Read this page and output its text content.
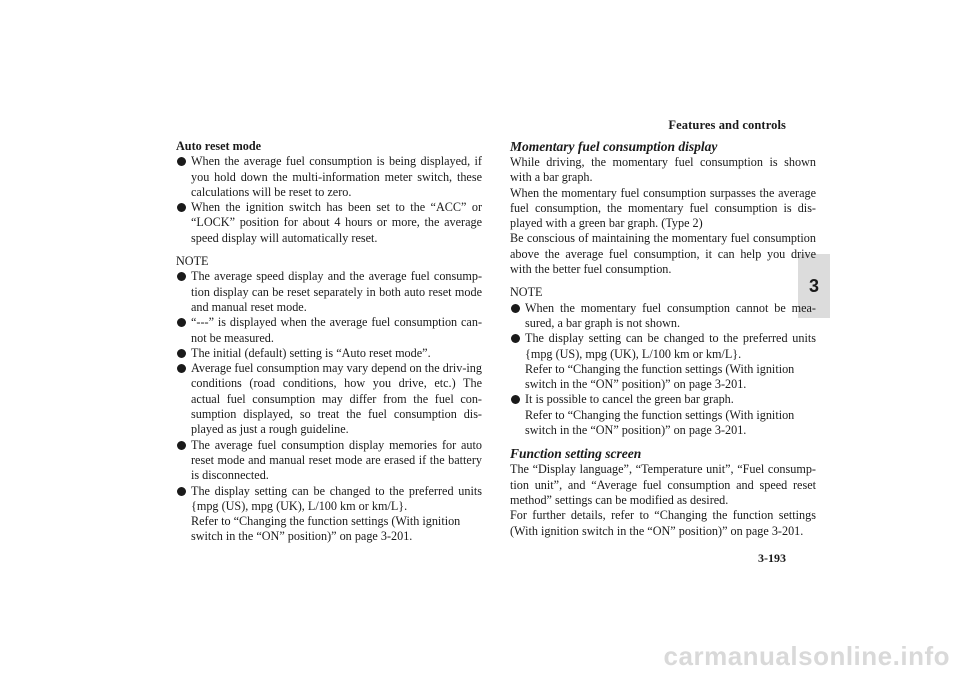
Features and controls
3

Auto reset mode

When the average fuel consumption is being displayed, if you hold down the multi-information meter switch, these calculations will be reset to zero.

When the ignition switch has been set to the “ACC” or “LOCK” position for about 4 hours or more, the average speed display will automatically reset.

NOTE

The average speed display and the average fuel consump-tion display can be reset separately in both auto reset mode and manual reset mode.

“---” is displayed when the average fuel consumption can-not be measured.

The initial (default) setting is “Auto reset mode”.

Average fuel consumption may vary depend on the driv-ing conditions (road conditions, how you drive, etc.) The actual fuel consumption may differ from the fuel con-sumption displayed, so treat the fuel consumption dis-played as just a rough guideline.

The average fuel consumption display memories for auto reset mode and manual reset mode are erased if the battery is disconnected.

The display setting can be changed to the preferred units {mpg (US), mpg (UK), L/100 km or km/L}.
Refer to “Changing the function settings (With ignition switch in the “ON” position)” on page 3-201.

Momentary fuel consumption display

While driving, the momentary fuel consumption is shown with a bar graph.

When the momentary fuel consumption surpasses the average fuel consumption, the momentary fuel consumption is dis-played with a green bar graph. (Type 2)

Be conscious of maintaining the momentary fuel consumption above the average fuel consumption, it can help you drive with the better fuel consumption.

NOTE

When the momentary fuel consumption cannot be mea-sured, a bar graph is not shown.

The display setting can be changed to the preferred units {mpg (US), mpg (UK), L/100 km or km/L}.
Refer to “Changing the function settings (With ignition switch in the “ON” position)” on page 3-201.

It is possible to cancel the green bar graph.
Refer to “Changing the function settings (With ignition switch in the “ON” position)” on page 3-201.

Function setting screen

The “Display language”, “Temperature unit”, “Fuel consump-tion unit”, and “Average fuel consumption and speed reset method” settings can be modified as desired.

For further details, refer to “Changing the function settings (With ignition switch in the “ON” position)” on page 3-201.

3-193
carmanualsonline.info
